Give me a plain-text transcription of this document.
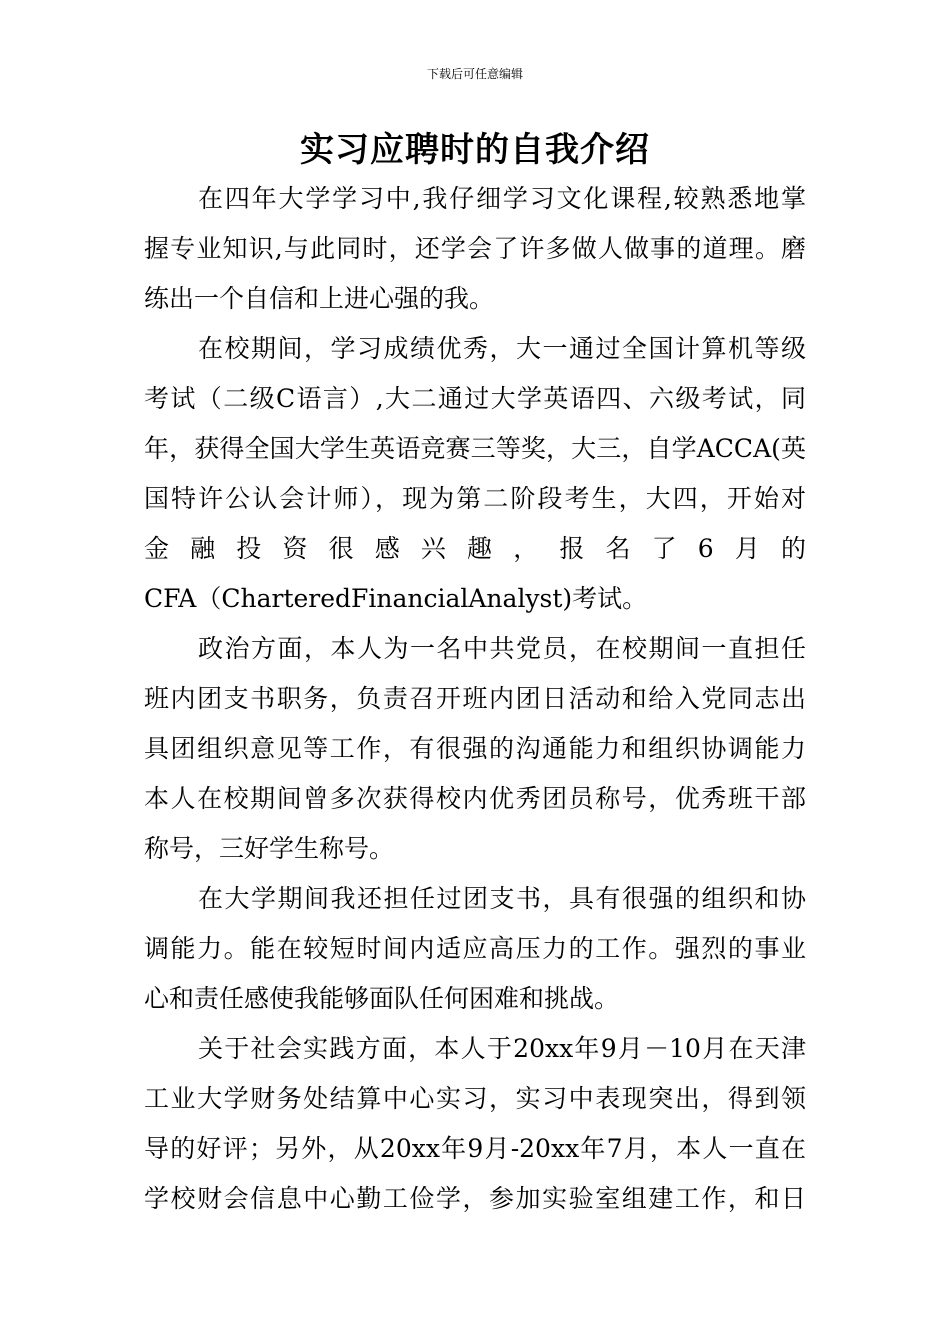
下载后可任意编辑
实习应聘时的自我介绍
在四年大学学习中,我仔细学习文化课程,较熟悉地掌
握专业知识,与此同时，还学会了许多做人做事的道理。磨
练出一个自信和上进心强的我。
在校期间，学习成绩优秀，大一通过全国计算机等级
考试（二级C语言）,大二通过大学英语四、六级考试，同
年，获得全国大学生英语竞赛三等奖，大三，自学ACCA(英
国特许公认会计师），现为第二阶段考生，大四，开始对
金融投资很感兴趣，报名了6月的
CFA（CharteredFinancialAnalyst)考试。
政治方面，本人为一名中共党员，在校期间一直担任
班内团支书职务，负责召开班内团日活动和给入党同志出
具团组织意见等工作，有很强的沟通能力和组织协调能力
本人在校期间曾多次获得校内优秀团员称号，优秀班干部
称号，三好学生称号。
在大学期间我还担任过团支书，具有很强的组织和协
调能力。能在较短时间内适应高压力的工作。强烈的事业
心和责任感使我能够面队任何困难和挑战。
关于社会实践方面，本人于20xx年9月－10月在天津
工业大学财务处结算中心实习，实习中表现突出，得到领
导的好评；另外，从20xx年9月-20xx年7月，本人一直在
学校财会信息中心勤工俭学，参加实验室组建工作，和日
